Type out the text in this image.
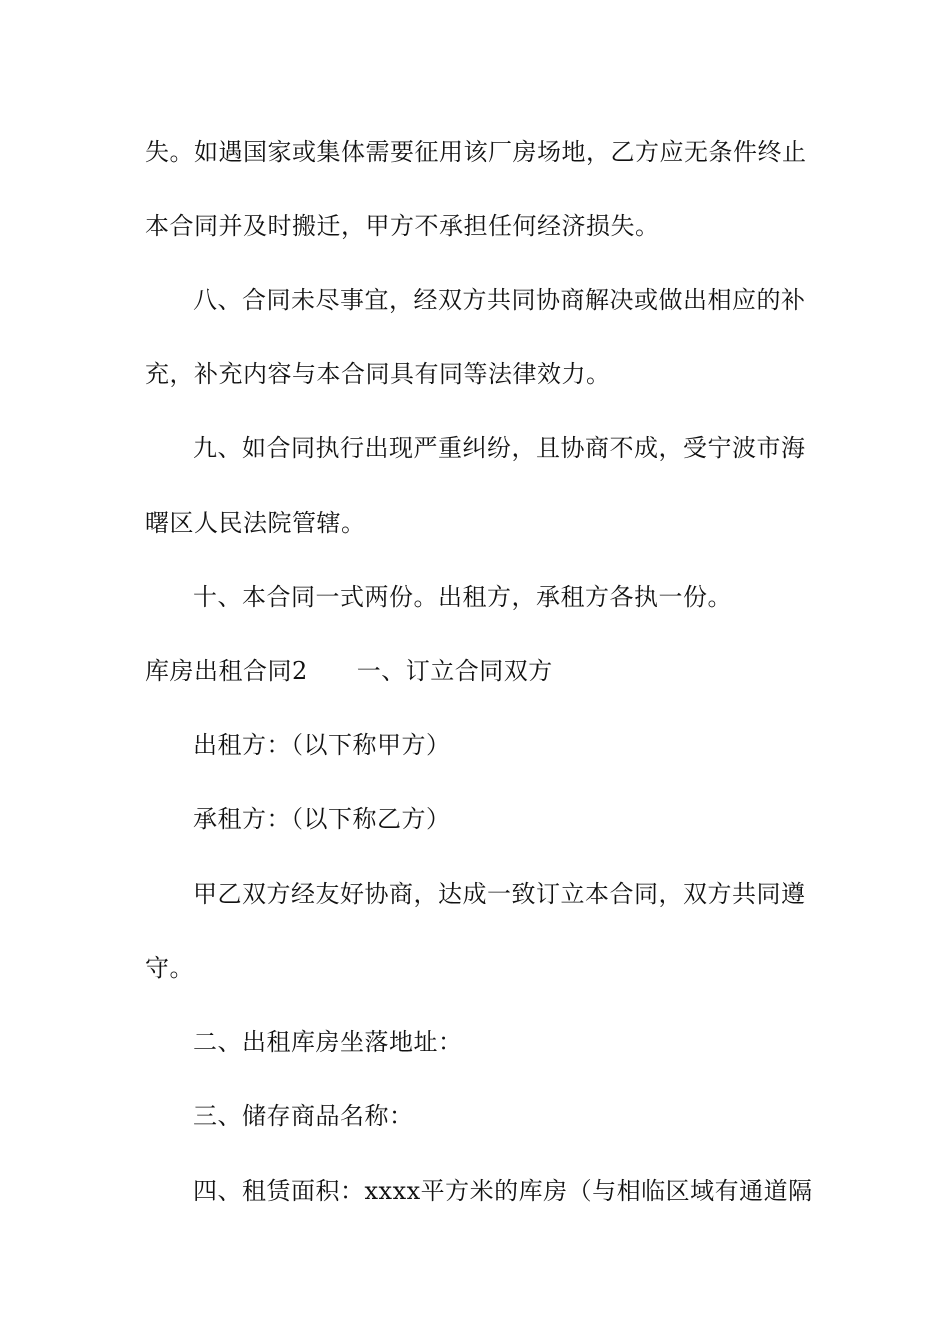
失。如遇国家或集体需要征用该厂房场地，乙方应无条件终止
本合同并及时搬迁，甲方不承担任何经济损失。
八、合同未尽事宜，经双方共同协商解决或做出相应的补
充，补充内容与本合同具有同等法律效力。
九、如合同执行出现严重纠纷，且协商不成，受宁波市海
曙区人民法院管辖。
十、本合同一式两份。出租方，承租方各执一份。
库房出租合同2　　一、订立合同双方
出租方：（以下称甲方）
承租方：（以下称乙方）
甲乙双方经友好协商，达成一致订立本合同，双方共同遵
守。
二、出租库房坐落地址：
三、储存商品名称：
四、租赁面积：xxxx平方米的库房（与相临区域有通道隔
